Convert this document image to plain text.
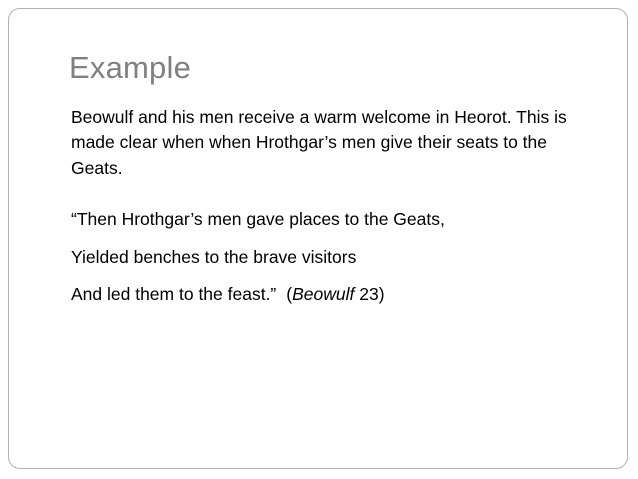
Example

Beowulf and his men receive a warm welcome in Heorot. This is made clear when when Hrothgar’s men give their seats to the Geats.

“Then Hrothgar’s men gave places to the Geats,

Yielded benches to the brave visitors

And led them to the feast.” (Beowulf 23)
